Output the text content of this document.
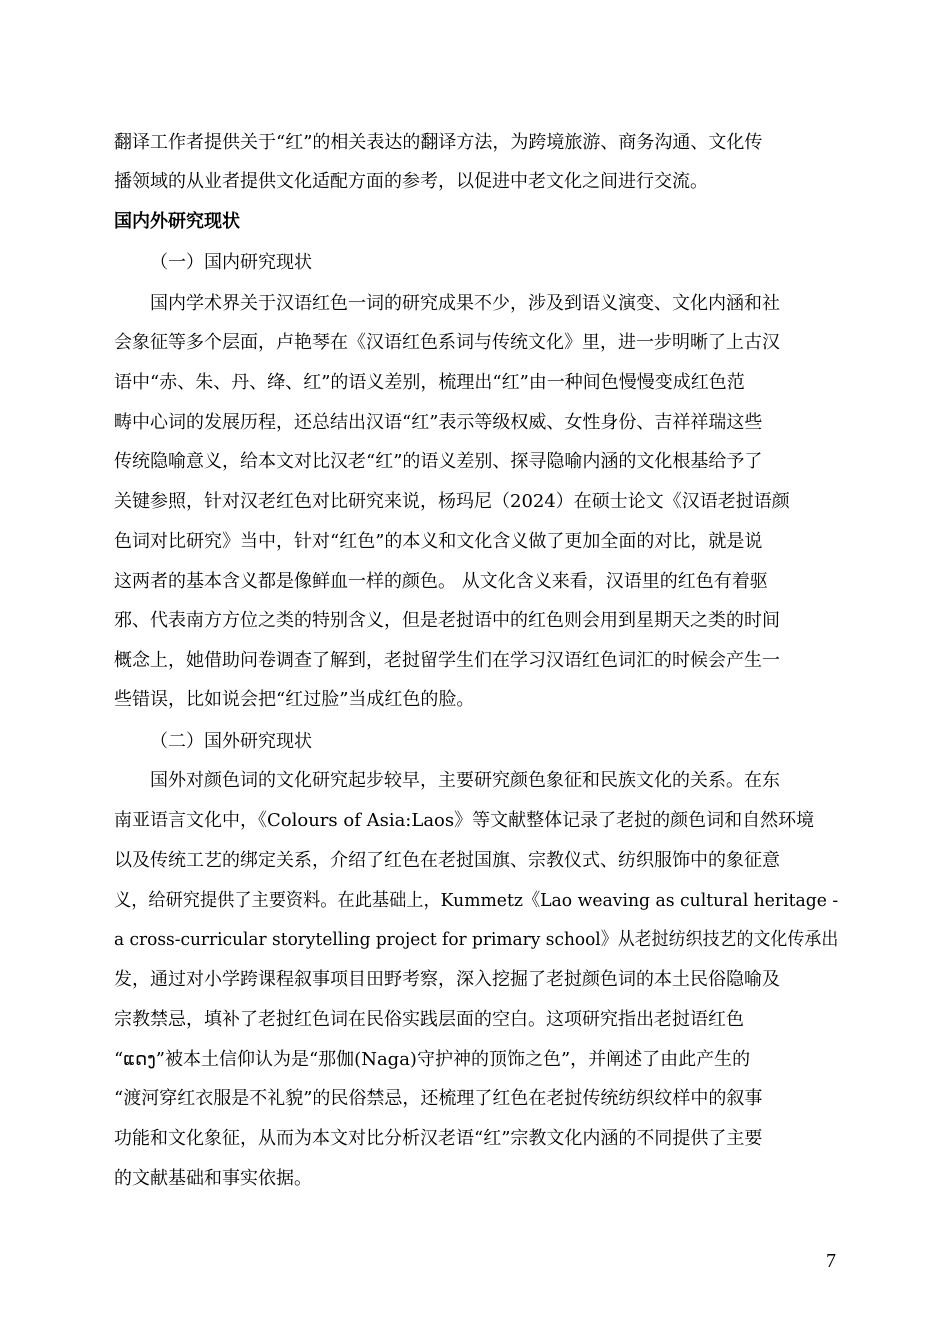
翻译工作者提供关于“红”的相关表达的翻译方法，为跨境旅游、商务沟通、文化传
播领域的从业者提供文化适配方面的参考，以促进中老文化之间进行交流。
国内外研究现状
（一）国内研究现状
国内学术界关于汉语红色一词的研究成果不少，涉及到语义演变、文化内涵和社
会象征等多个层面，卢艳琴在《汉语红色系词与传统文化》里，进一步明晰了上古汉
语中“赤、朱、丹、绛、红”的语义差别，梳理出“红”由一种间色慢慢变成红色范
畴中心词的发展历程，还总结出汉语“红”表示等级权威、女性身份、吉祥祥瑞这些
传统隐喻意义，给本文对比汉老“红”的语义差别、探寻隐喻内涵的文化根基给予了
关键参照，针对汉老红色对比研究来说，杨玛尼（2024）在硕士论文《汉语老挝语颜
色词对比研究》当中，针对“红色”的本义和文化含义做了更加全面的对比，就是说
这两者的基本含义都是像鲜血一样的颜色。 从文化含义来看，汉语里的红色有着驱
邪、代表南方方位之类的特别含义，但是老挝语中的红色则会用到星期天之类的时间
概念上，她借助问卷调查了解到，老挝留学生们在学习汉语红色词汇的时候会产生一
些错误，比如说会把“红过脸”当成红色的脸。
（二）国外研究现状
国外对颜色词的文化研究起步较早，主要研究颜色象征和民族文化的关系。在东
南亚语言文化中，《Colours of Asia:Laos》等文献整体记录了老挝的颜色词和自然环境
以及传统工艺的绑定关系，介绍了红色在老挝国旗、宗教仪式、纺织服饰中的象征意
义，给研究提供了主要资料。在此基础上，Kummetz《Lao weaving as cultural heritage -
a cross-curricular storytelling project for primary school》从老挝纺织技艺的文化传承出
发，通过对小学跨课程叙事项目田野考察，深入挖掘了老挝颜色词的本土民俗隐喻及
宗教禁忌，填补了老挝红色词在民俗实践层面的空白。这项研究指出老挝语红色
“ແດງ”被本土信仰认为是“那伽(Naga)守护神的顶饰之色”，并阐述了由此产生的
“渡河穿红衣服是不礼貌”的民俗禁忌，还梳理了红色在老挝传统纺织纹样中的叙事
功能和文化象征，从而为本文对比分析汉老语“红”宗教文化内涵的不同提供了主要
的文献基础和事实依据。
7
